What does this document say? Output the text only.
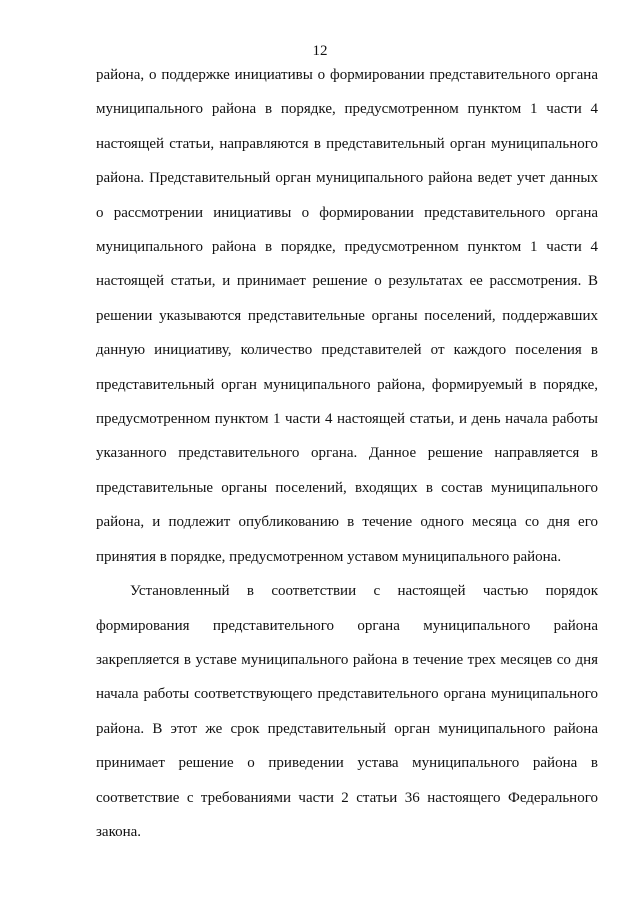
12

района, о поддержке инициативы о формировании представительного органа муниципального района в порядке, предусмотренном пунктом 1 части 4 настоящей статьи, направляются в представительный орган муниципального района. Представительный орган муниципального района ведет учет данных о рассмотрении инициативы о формировании представительного органа муниципального района в порядке, предусмотренном пунктом 1 части 4 настоящей статьи, и принимает решение о результатах ее рассмотрения. В решении указываются представительные органы поселений, поддержавших данную инициативу, количество представителей от каждого поселения в представительный орган муниципального района, формируемый в порядке, предусмотренном пунктом 1 части 4 настоящей статьи, и день начала работы указанного представительного органа. Данное решение направляется в представительные органы поселений, входящих в состав муниципального района, и подлежит опубликованию в течение одного месяца со дня его принятия в порядке, предусмотренном уставом муниципального района.

Установленный в соответствии с настоящей частью порядок формирования представительного органа муниципального района закрепляется в уставе муниципального района в течение трех месяцев со дня начала работы соответствующего представительного органа муниципального района. В этот же срок представительный орган муниципального района принимает решение о приведении устава муниципального района в соответствие с требованиями части 2 статьи 36 настоящего Федерального закона.
